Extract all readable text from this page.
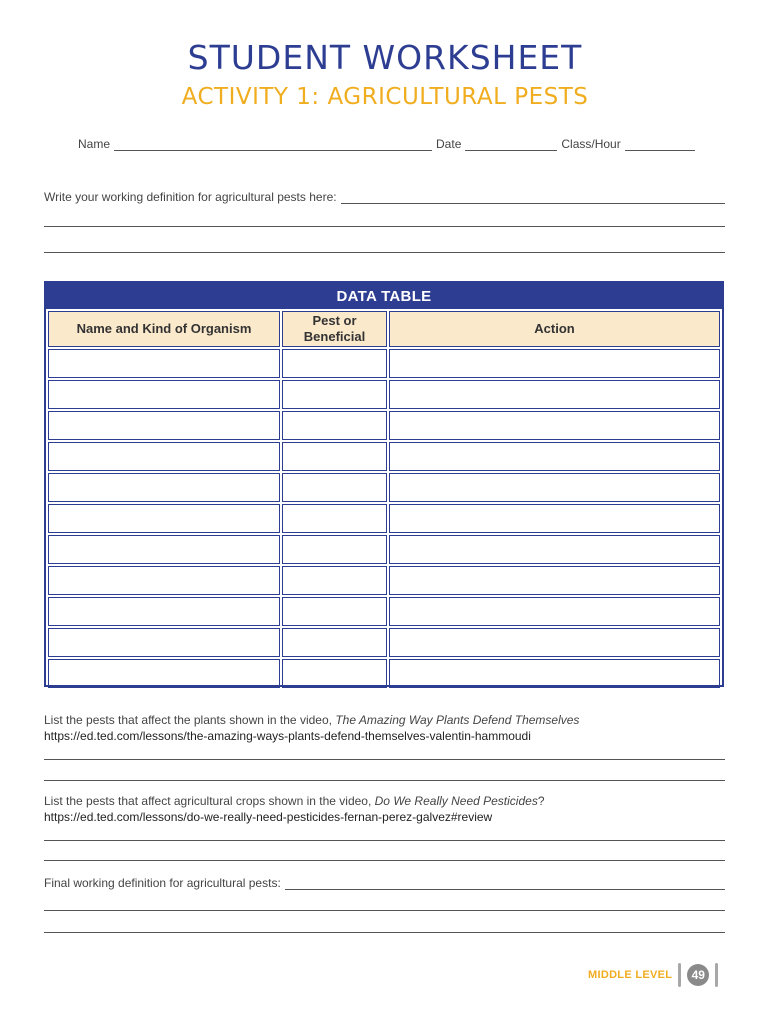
STUDENT WORKSHEET
ACTIVITY 1: AGRICULTURAL PESTS
Name	Date	Class/Hour
Write your working definition for agricultural pests here:
DATA TABLE
Name and Kind of Organism	Pest or Beneficial	Action

List the pests that affect the plants shown in the video, The Amazing Way Plants Defend Themselves
https://ed.ted.com/lessons/the-amazing-ways-plants-defend-themselves-valentin-hammoudi
List the pests that affect agricultural crops shown in the video, Do We Really Need Pesticides?
https://ed.ted.com/lessons/do-we-really-need-pesticides-fernan-perez-galvez#review
Final working definition for agricultural pests:
MIDDLE LEVEL	49
